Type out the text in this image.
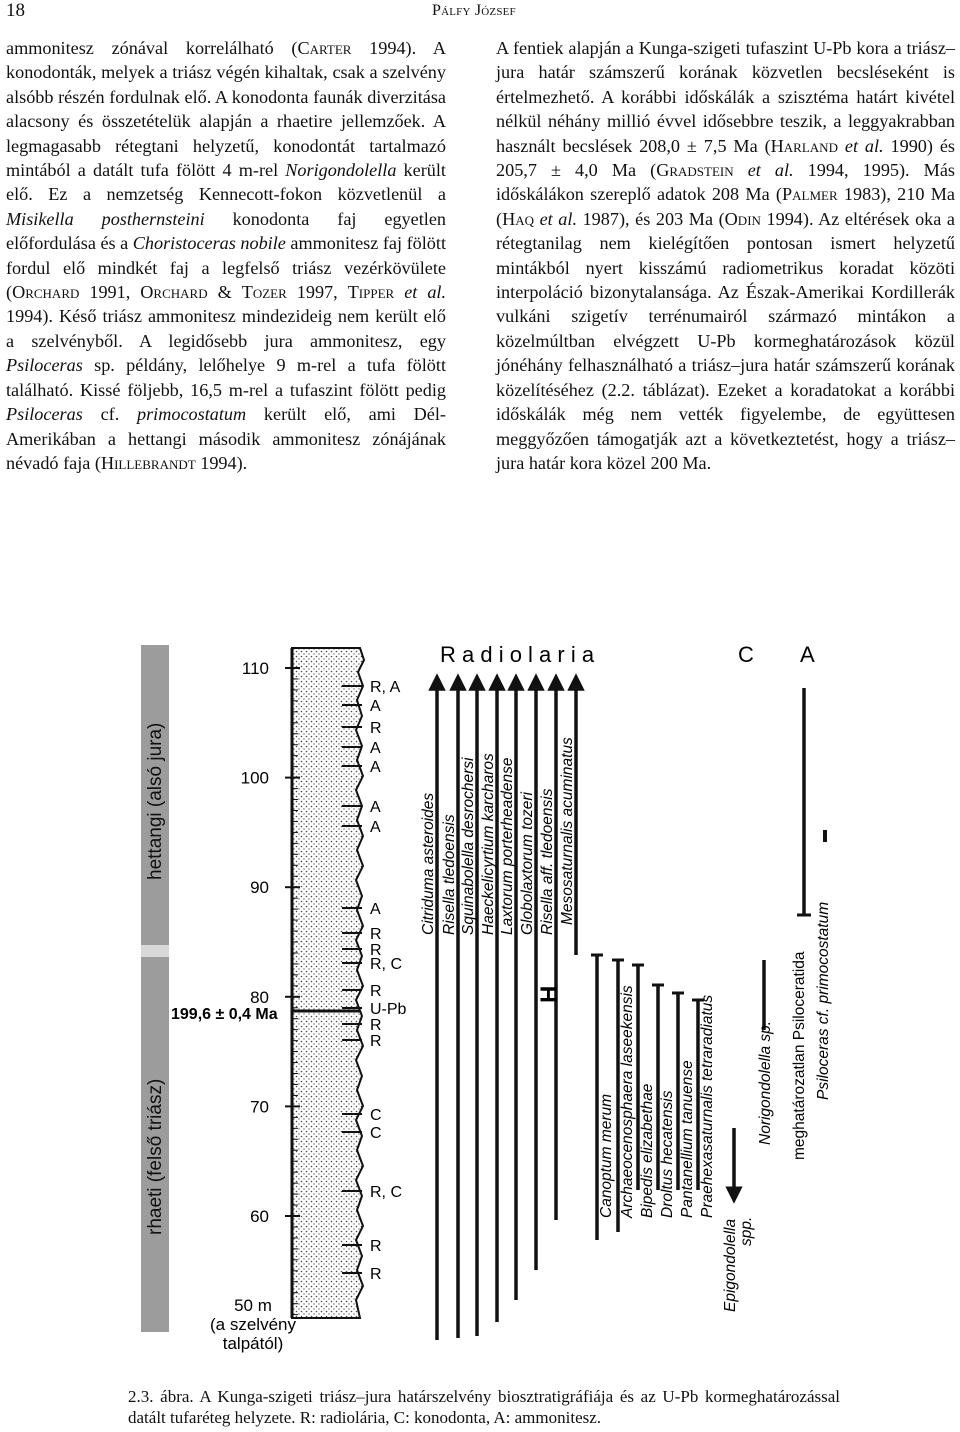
18	Pálfy József

ammonitesz zónával korrelálható (Carter 1994). A konodonták, melyek a triász végén kihaltak, csak a szelvény alsóbb részén fordulnak elő. A konodonta faunák diverzitása alacsony és összetételük alapján a rhaetire jellemzőek. A legmagasabb rétegtani helyzetű, konodontát tartalmazó mintából a datált tufa fölött 4 m-rel Norigondolella került elő. Ez a nemzetség Kennecott-fokon közvetlenül a Misikella posthernsteini konodonta faj egyetlen előfordulása és a Choristoceras nobile ammonitesz faj fölött fordul elő mindkét faj a legfelső triász vezérkövülete (Orchard 1991, Orchard & Tozer 1997, Tipper et al. 1994). Késő triász ammonitesz mindezideig nem került elő a szelvényből. A legidősebb jura ammonitesz, egy Psiloceras sp. példány, lelőhelye 9 m-rel a tufa fölött található. Kissé följebb, 16,5 m-rel a tufaszint fölött pedig Psiloceras cf. primocostatum került elő, ami Dél-Amerikában a hettangi második ammonitesz zónájának névadó faja (Hillebrandt 1994).

A fentiek alapján a Kunga-szigeti tufaszint U-Pb kora a triász–jura határ számszerű korának közvetlen becsléseként is értelmezhető. A korábbi időskálák a szisztéma határt kivétel nélkül néhány millió évvel idősebbre teszik, a leggyakrabban használt becslések 208,0 ± 7,5 Ma (Harland et al. 1990) és 205,7 ± 4,0 Ma (Gradstein et al. 1994, 1995). Más időskálákon szereplő adatok 208 Ma (Palmer 1983), 210 Ma (Haq et al. 1987), és 203 Ma (Odin 1994). Az eltérések oka a rétegtanilag nem kielégítően pontosan ismert helyzetű mintákból nyert kisszámú radiometrikus koradat közöti interpoláció bizonytalansága. Az Észak-Amerikai Kordillerák vulkáni szigetív terrénumairól származó mintákon a közelmúltban elvégzett U-Pb kormeghatározások közül jónéhány felhasználható a triász–jura határ számszerű korának közelítéséhez (2.2. táblázat). Ezeket a koradatokat a korábbi időskálák még nem vették figyelembe, de együttesen meggyőzően támogatják azt a következtetést, hogy a triász–jura határ kora közel 200 Ma.

hettangi (alsó jura)
rhaeti (felső triász)
110
100
90
80
70
60
50 m
(a szelvény
talpától)
199,6 ± 0,4 Ma
R, A
A
R
A
A
A
A
A
R
R
R, C
R
U-Pb
R
R
C
C
R, C
R
R
R a d i o l a r i a	C A
Citriduma asteroides Risella tledoensis Squinabolella desrochersi Haeckelicyrtium karcharos Laxtorum porterheadense Globolaxtorum tozeri Risella aff. tledoensis Mesosaturnalis acuminatus
H
Canoptum merum Archaeocenosphaera laseekensis Bipedis elizabethae Droltus hecatensis Pantanellium tanuense Praehexasaturnalis tetraradiatus
Epigondolella spp.
Norigondolella sp. meghatározatlan Psiloceratida Psiloceras cf. primocostatum
2.3. ábra. A Kunga-szigeti triász–jura határszelvény biosztratigráfiája és az U-Pb kormeghatározással datált tufaréteg helyzete. R: radiolária, C: konodonta, A: ammonitesz.
